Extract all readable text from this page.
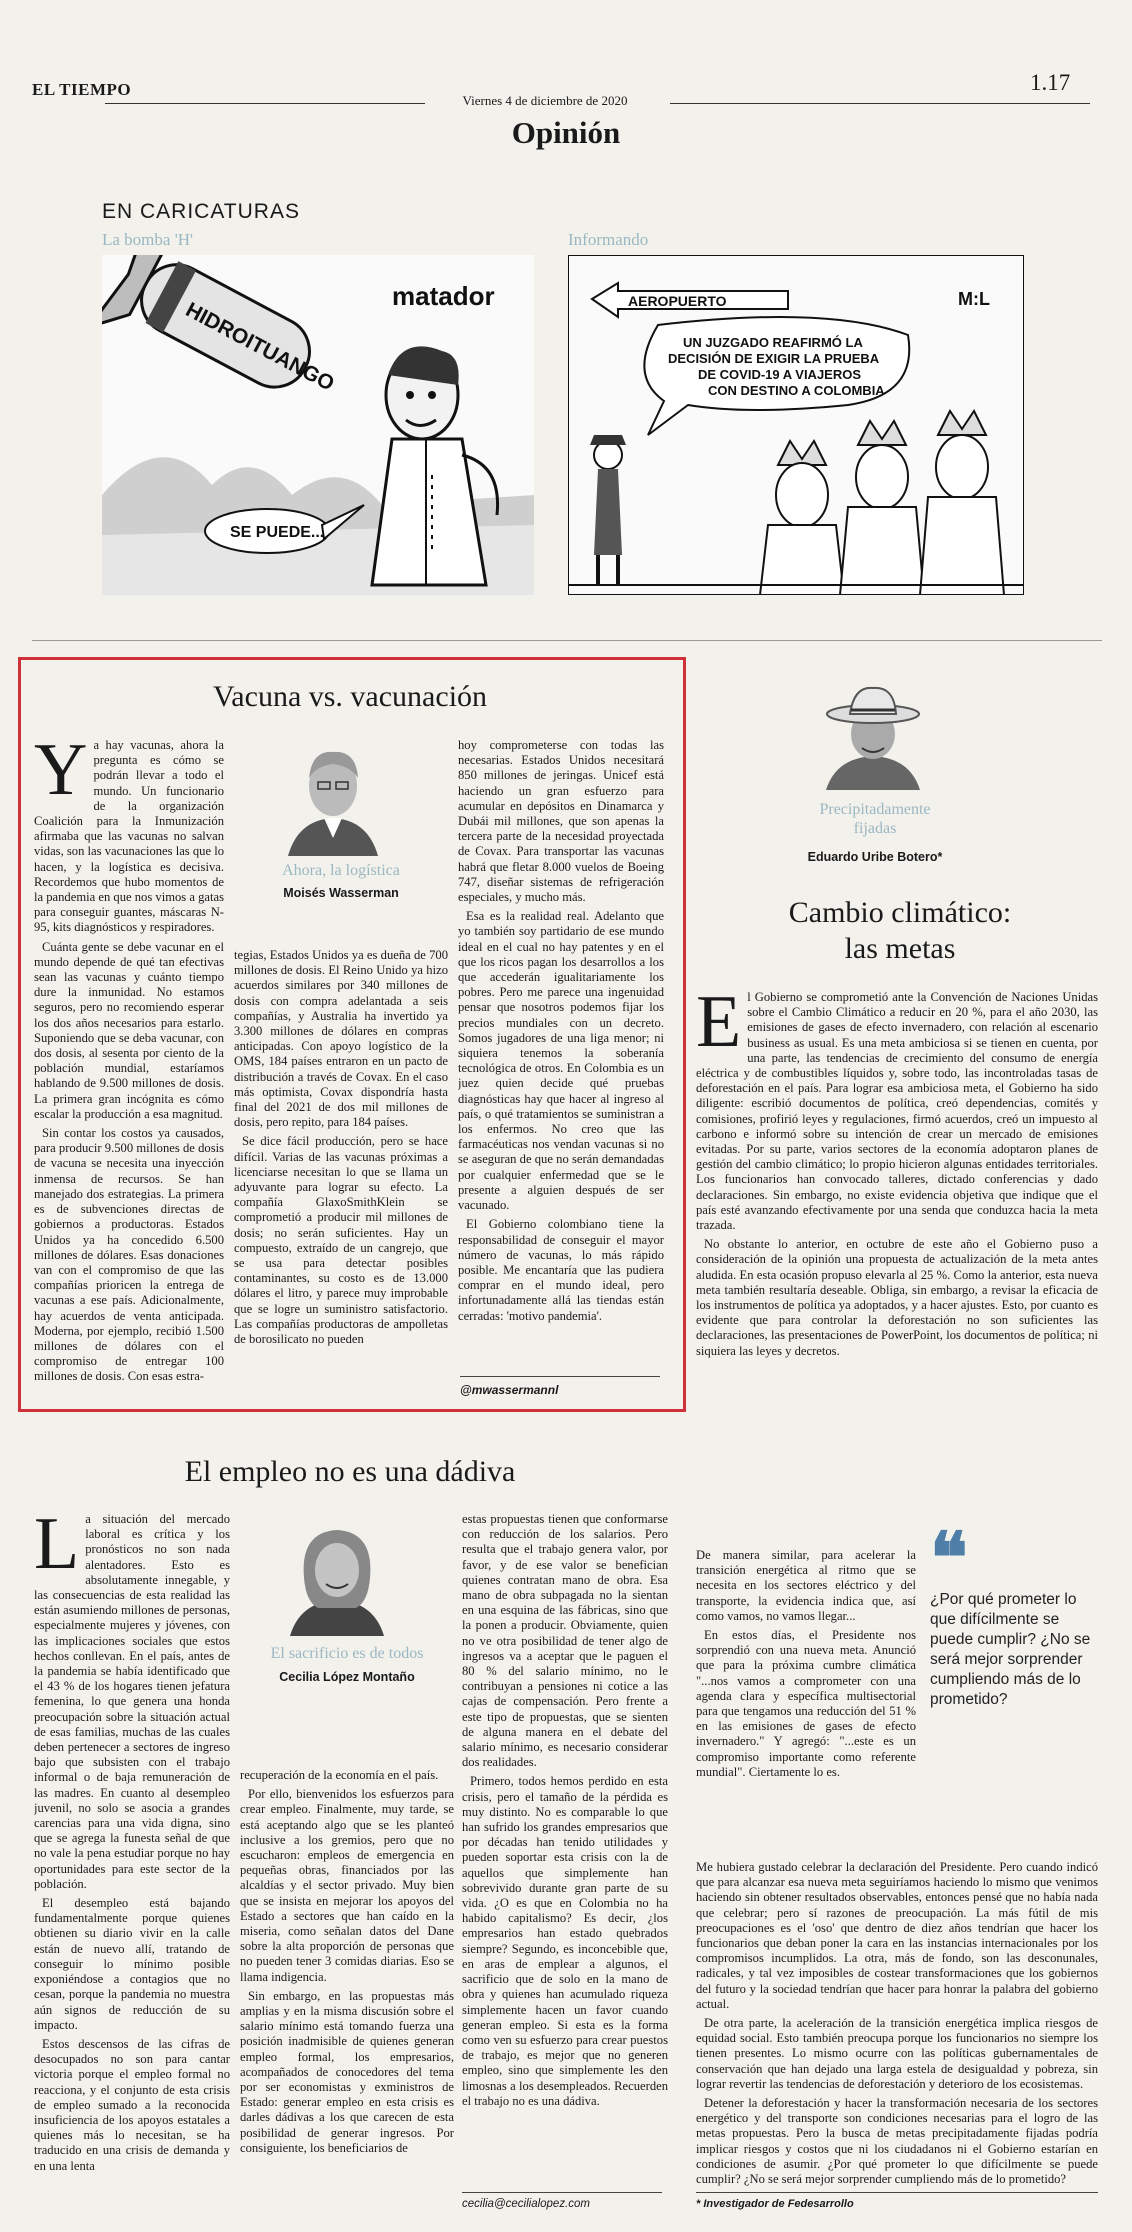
EL TIEMPO
Viernes 4 de diciembre de 2020
1.17
Opinión
EN CARICATURAS
La bomba 'H'	Informando
HIDROITUANGO
matador
SE PUEDE...
AEROPUERTO	M:L
UN JUZGADO REAFIRMÓ LA
DECISIÓN DE EXIGIR LA PRUEBA
DE COVID-19 A VIAJEROS
CON DESTINO A COLOMBIA
Vacuna vs. vacunación

Ya hay vacunas, ahora la pregunta es cómo se podrán llevar a todo el mundo. Un funcionario de la organización Coalición para la Inmunización afirmaba que las vacunas no salvan vidas, son las vacunaciones las que lo hacen, y la logística es decisiva. Recordemos que hubo momentos de la pandemia en que nos vimos a gatas para conseguir guantes, máscaras N-95, kits diagnósticos y respiradores.

Cuánta gente se debe vacunar en el mundo depende de qué tan efectivas sean las vacunas y cuánto tiempo dure la inmunidad. No estamos seguros, pero no recomiendo esperar los dos años necesarios para estarlo. Suponiendo que se deba vacunar, con dos dosis, al sesenta por ciento de la población mundial, estaríamos hablando de 9.500 millones de dosis. La primera gran incógnita es cómo escalar la producción a esa magnitud.

Sin contar los costos ya causados, para producir 9.500 millones de dosis de vacuna se necesita una inyección inmensa de recursos. Se han manejado dos estrategias. La primera es de subvenciones directas de gobiernos a productoras. Estados Unidos ya ha concedido 6.500 millones de dólares. Esas donaciones van con el compromiso de que las compañías prioricen la entrega de vacunas a ese país. Adicionalmente, hay acuerdos de venta anticipada. Moderna, por ejemplo, recibió 1.500 millones de dólares con el compromiso de entregar 100 millones de dosis. Con esas estra-

Ahora, la logística
Moisés Wasserman

tegias, Estados Unidos ya es dueña de 700 millones de dosis. El Reino Unido ya hizo acuerdos similares por 340 millones de dosis con compra adelantada a seis compañías, y Australia ha invertido ya 3.300 millones de dólares en compras anticipadas. Con apoyo logístico de la OMS, 184 países entraron en un pacto de distribución a través de Covax. En el caso más optimista, Covax dispondría hasta final del 2021 de dos mil millones de dosis, pero repito, para 184 países.

Se dice fácil producción, pero se hace difícil. Varias de las vacunas próximas a licenciarse necesitan lo que se llama un adyuvante para lograr su efecto. La compañía GlaxoSmithKlein se comprometió a producir mil millones de dosis; no serán suficientes. Hay un compuesto, extraído de un cangrejo, que se usa para detectar posibles contaminantes, su costo es de 13.000 dólares el litro, y parece muy improbable que se logre un suministro satisfactorio. Las compañías productoras de ampolletas de borosilicato no pueden

hoy comprometerse con todas las necesarias. Estados Unidos necesitará 850 millones de jeringas. Unicef está haciendo un gran esfuerzo para acumular en depósitos en Dinamarca y Dubái mil millones, que son apenas la tercera parte de la necesidad proyectada de Covax. Para transportar las vacunas habrá que fletar 8.000 vuelos de Boeing 747, diseñar sistemas de refrigeración especiales, y mucho más.

Esa es la realidad real. Adelanto que yo también soy partidario de ese mundo ideal en el cual no hay patentes y en el que los ricos pagan los desarrollos a los que accederán igualitariamente los pobres. Pero me parece una ingenuidad pensar que nosotros podemos fijar los precios mundiales con un decreto. Somos jugadores de una liga menor; ni siquiera tenemos la soberanía tecnológica de otros. En Colombia es un juez quien decide qué pruebas diagnósticas hay que hacer al ingreso al país, o qué tratamientos se suministran a los enfermos. No creo que las farmacéuticas nos vendan vacunas si no se aseguran de que no serán demandadas por cualquier enfermedad que se le presente a alguien después de ser vacunado.

El Gobierno colombiano tiene la responsabilidad de conseguir el mayor número de vacunas, lo más rápido posible. Me encantaría que las pudiera comprar en el mundo ideal, pero infortunadamente allá las tiendas están cerradas: 'motivo pandemia'.

@mwassermannl
Precipitadamente
fijadas
Eduardo Uribe Botero*
Cambio climático:
las metas

El Gobierno se comprometió ante la Convención de Naciones Unidas sobre el Cambio Climático a reducir en 20 %, para el año 2030, las emisiones de gases de efecto invernadero, con relación al escenario business as usual. Es una meta ambiciosa si se tienen en cuenta, por una parte, las tendencias de crecimiento del consumo de energía eléctrica y de combustibles líquidos y, sobre todo, las incontroladas tasas de deforestación en el país. Para lograr esa ambiciosa meta, el Gobierno ha sido diligente: escribió documentos de política, creó dependencias, comités y comisiones, profirió leyes y regulaciones, firmó acuerdos, creó un impuesto al carbono e informó sobre su intención de crear un mercado de emisiones evitadas. Por su parte, varios sectores de la economía adoptaron planes de gestión del cambio climático; lo propio hicieron algunas entidades territoriales. Los funcionarios han convocado talleres, dictado conferencias y dado declaraciones. Sin embargo, no existe evidencia objetiva que indique que el país esté avanzando efectivamente por una senda que conduzca hacia la meta trazada.

No obstante lo anterior, en octubre de este año el Gobierno puso a consideración de la opinión una propuesta de actualización de la meta antes aludida. En esta ocasión propuso elevarla al 25 %. Como la anterior, esta nueva meta también resultaría deseable. Obliga, sin embargo, a revisar la eficacia de los instrumentos de política ya adoptados, y a hacer ajustes. Esto, por cuanto es evidente que para controlar la deforestación no son suficientes las declaraciones, las presentaciones de PowerPoint, los documentos de política; ni siquiera las leyes y decretos.

De manera similar, para acelerar la transición energética al ritmo que se necesita en los sectores eléctrico y del transporte, la evidencia indica que, así como vamos, no vamos llegar...

En estos días, el Presidente nos sorprendió con una nueva meta. Anunció que para la próxima cumbre climática "...nos vamos a comprometer con una agenda clara y específica multisectorial para que tengamos una reducción del 51 % en las emisiones de gases de efecto invernadero." Y agregó: "...este es un compromiso importante como referente mundial". Ciertamente lo es.

❝
¿Por qué prometer lo que difícilmente se puede cumplir? ¿No se será mejor sorprender cumpliendo más de lo prometido?

Me hubiera gustado celebrar la declaración del Presidente. Pero cuando indicó que para alcanzar esa nueva meta seguiríamos haciendo lo mismo que venimos haciendo sin obtener resultados observables, entonces pensé que no había nada que celebrar; pero sí razones de preocupación. La más fútil de mis preocupaciones es el 'oso' que dentro de diez años tendrían que hacer los funcionarios que deban poner la cara en las instancias internacionales por los compromisos incumplidos. La otra, más de fondo, son las desconunales, radicales, y tal vez imposibles de costear transformaciones que los gobiernos del futuro y la sociedad tendrían que hacer para honrar la palabra del gobierno actual.

De otra parte, la aceleración de la transición energética implica riesgos de equidad social. Esto también preocupa porque los funcionarios no siempre los tienen presentes. Lo mismo ocurre con las políticas gubernamentales de conservación que han dejado una larga estela de desigualdad y pobreza, sin lograr revertir las tendencias de deforestación y deterioro de los ecosistemas.

Detener la deforestación y hacer la transformación necesaria de los sectores energético y del transporte son condiciones necesarias para el logro de las metas propuestas. Pero la busca de metas precipitadamente fijadas podría implicar riesgos y costos que ni los ciudadanos ni el Gobierno estarían en condiciones de asumir. ¿Por qué prometer lo que difícilmente se puede cumplir? ¿No se será mejor sorprender cumpliendo más de lo prometido?

* Investigador de Fedesarrollo
El empleo no es una dádiva

La situación del mercado laboral es crítica y los pronósticos no son nada alentadores. Esto es absolutamente innegable, y las consecuencias de esta realidad las están asumiendo millones de personas, especialmente mujeres y jóvenes, con las implicaciones sociales que estos hechos conllevan. En el país, antes de la pandemia se había identificado que el 43 % de los hogares tienen jefatura femenina, lo que genera una honda preocupación sobre la situación actual de esas familias, muchas de las cuales deben pertenecer a sectores de ingreso bajo que subsisten con el trabajo informal o de baja remuneración de las madres. En cuanto al desempleo juvenil, no solo se asocia a grandes carencias para una vida digna, sino que se agrega la funesta señal de que no vale la pena estudiar porque no hay oportunidades para este sector de la población.

El desempleo está bajando fundamentalmente porque quienes obtienen su diario vivir en la calle están de nuevo allí, tratando de conseguir lo mínimo posible exponiéndose a contagios que no cesan, porque la pandemia no muestra aún signos de reducción de su impacto.

Estos descensos de las cifras de desocupados no son para cantar victoria porque el empleo formal no reacciona, y el conjunto de esta crisis de empleo sumado a la reconocida insuficiencia de los apoyos estatales a quienes más lo necesitan, se ha traducido en una crisis de demanda y en una lenta

El sacrificio es de todos
Cecilia López Montaño

recuperación de la economía en el país.

Por ello, bienvenidos los esfuerzos para crear empleo. Finalmente, muy tarde, se está aceptando algo que se les planteó inclusive a los gremios, pero que no escucharon: empleos de emergencia en pequeñas obras, financiados por las alcaldías y el sector privado. Muy bien que se insista en mejorar los apoyos del Estado a sectores que han caído en la miseria, como señalan datos del Dane sobre la alta proporción de personas que no pueden tener 3 comidas diarias. Eso se llama indigencia.

Sin embargo, en las propuestas más amplias y en la misma discusión sobre el salario mínimo está tomando fuerza una posición inadmisible de quienes generan empleo formal, los empresarios, acompañados de conocedores del tema por ser economistas y exministros de Estado: generar empleo en esta crisis es darles dádivas a los que carecen de esta posibilidad de generar ingresos. Por consiguiente, los beneficiarios de

estas propuestas tienen que conformarse con reducción de los salarios. Pero resulta que el trabajo genera valor, por favor, y de ese valor se benefician quienes contratan mano de obra. Esa mano de obra subpagada no la sientan en una esquina de las fábricas, sino que la ponen a producir. Obviamente, quien no ve otra posibilidad de tener algo de ingresos va a aceptar que le paguen el 80 % del salario mínimo, no le contribuyan a pensiones ni cotice a las cajas de compensación. Pero frente a este tipo de propuestas, que se sienten de alguna manera en el debate del salario mínimo, es necesario considerar dos realidades.

Primero, todos hemos perdido en esta crisis, pero el tamaño de la pérdida es muy distinto. No es comparable lo que han sufrido los grandes empresarios que por décadas han tenido utilidades y pueden soportar esta crisis con la de aquellos que simplemente han sobrevivido durante gran parte de su vida. ¿O es que en Colombia no ha habido capitalismo? Es decir, ¿los empresarios han estado quebrados siempre? Segundo, es inconcebible que, en aras de emplear a algunos, el sacrificio que de solo en la mano de obra y quienes han acumulado riqueza simplemente hacen un favor cuando generan empleo. Si esta es la forma como ven su esfuerzo para crear puestos de trabajo, es mejor que no generen empleo, sino que simplemente les den limosnas a los desempleados. Recuerden el trabajo no es una dádiva.

cecilia@cecilialopez.com
